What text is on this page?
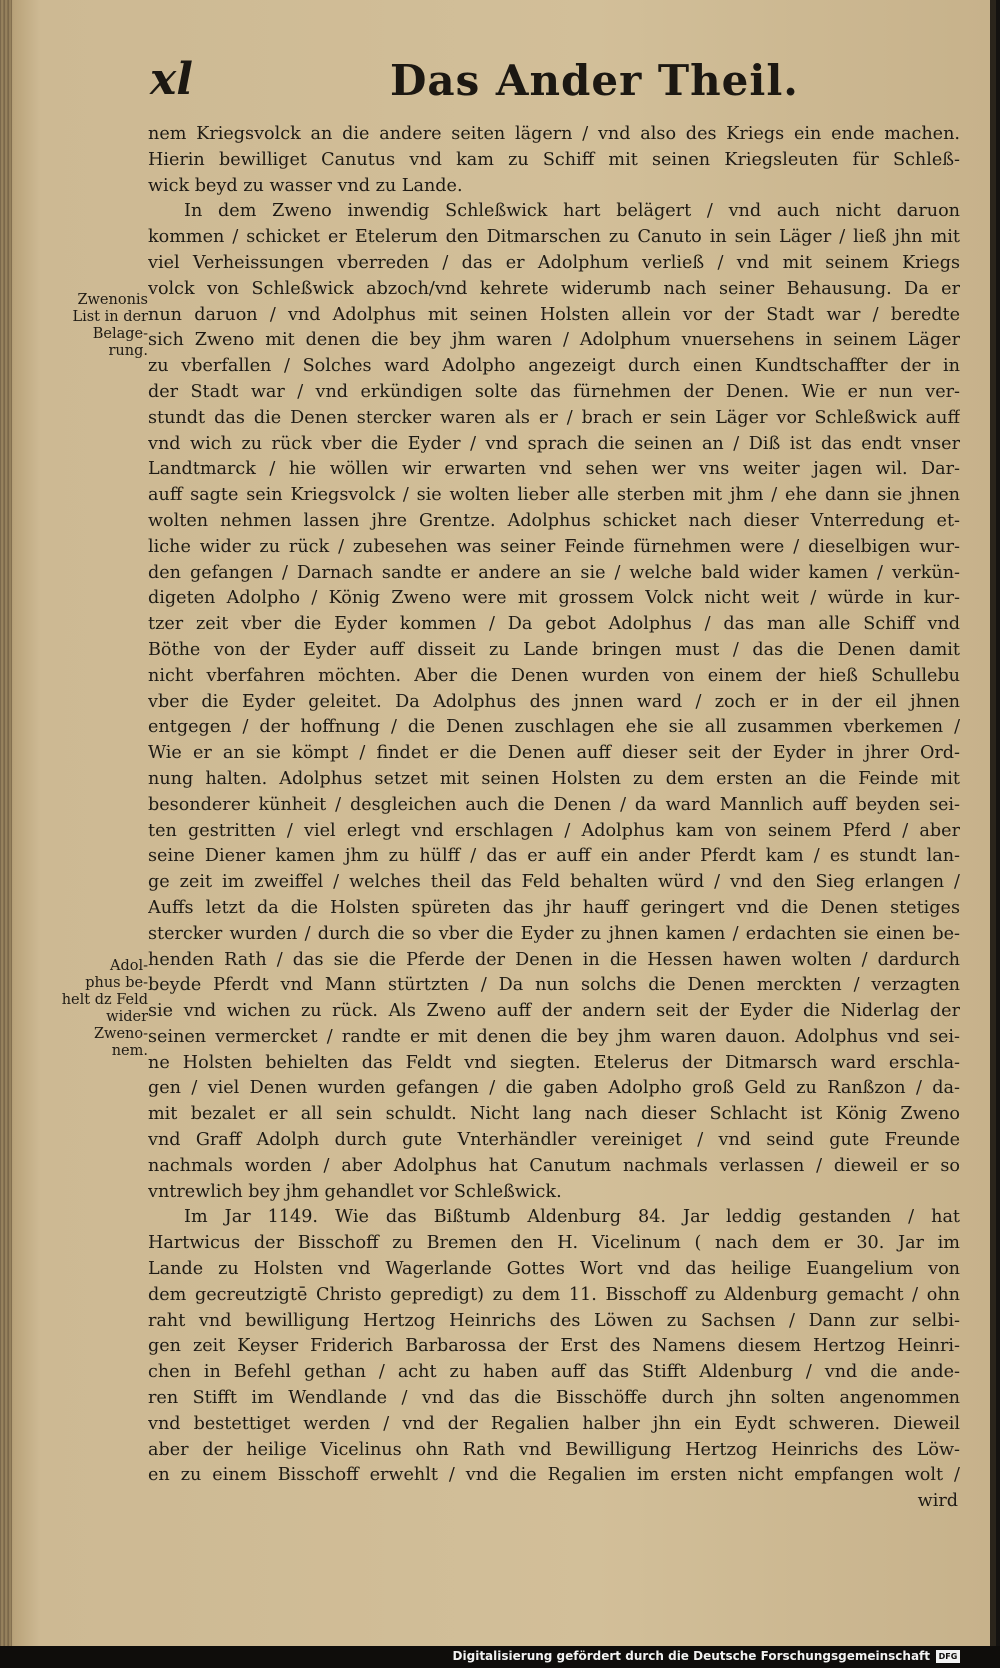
xl	Das Ander Theil.
Zwenonis
List in der
Belage-
rung.
Adol-
phus be-
helt dz Feld
wider
Zweno-
nem.
nem Kriegsvolck an die andere seiten lägern / vnd also des Kriegs ein ende machen.
Hierin bewilliget Canutus vnd kam zu Schiff mit seinen Kriegsleuten für Schleß-
wick beyd zu wasser vnd zu Lande.
In dem Zweno inwendig Schleßwick hart belägert / vnd auch nicht daruon
kommen / schicket er Etelerum den Ditmarschen zu Canuto in sein Läger / ließ jhn mit
viel Verheissungen vberreden / das er Adolphum verließ / vnd mit seinem Kriegs
volck von Schleßwick abzoch/vnd kehrete widerumb nach seiner Behausung. Da er
nun daruon / vnd Adolphus mit seinen Holsten allein vor der Stadt war / beredte
sich Zweno mit denen die bey jhm waren / Adolphum vnuersehens in seinem Läger
zu vberfallen / Solches ward Adolpho angezeigt durch einen Kundtschaffter der in
der Stadt war / vnd erkündigen solte das fürnehmen der Denen. Wie er nun ver-
stundt das die Denen stercker waren als er / brach er sein Läger vor Schleßwick auff
vnd wich zu rück vber die Eyder / vnd sprach die seinen an / Diß ist das endt vnser
Landtmarck / hie wöllen wir erwarten vnd sehen wer vns weiter jagen wil. Dar-
auff sagte sein Kriegsvolck / sie wolten lieber alle sterben mit jhm / ehe dann sie jhnen
wolten nehmen lassen jhre Grentze. Adolphus schicket nach dieser Vnterredung et-
liche wider zu rück / zubesehen was seiner Feinde fürnehmen were / dieselbigen wur-
den gefangen / Darnach sandte er andere an sie / welche bald wider kamen / verkün-
digeten Adolpho / König Zweno were mit grossem Volck nicht weit / würde in kur-
tzer zeit vber die Eyder kommen / Da gebot Adolphus / das man alle Schiff vnd
Böthe von der Eyder auff disseit zu Lande bringen must / das die Denen damit
nicht vberfahren möchten. Aber die Denen wurden von einem der hieß Schullebu
vber die Eyder geleitet. Da Adolphus des jnnen ward / zoch er in der eil jhnen
entgegen / der hoffnung / die Denen zuschlagen ehe sie all zusammen vberkemen /
Wie er an sie kömpt / findet er die Denen auff dieser seit der Eyder in jhrer Ord-
nung halten. Adolphus setzet mit seinen Holsten zu dem ersten an die Feinde mit
besonderer künheit / desgleichen auch die Denen / da ward Mannlich auff beyden sei-
ten gestritten / viel erlegt vnd erschlagen / Adolphus kam von seinem Pferd / aber
seine Diener kamen jhm zu hülff / das er auff ein ander Pferdt kam / es stundt lan-
ge zeit im zweiffel / welches theil das Feld behalten würd / vnd den Sieg erlangen /
Auffs letzt da die Holsten spüreten das jhr hauff geringert vnd die Denen stetiges
stercker wurden / durch die so vber die Eyder zu jhnen kamen / erdachten sie einen be-
henden Rath / das sie die Pferde der Denen in die Hessen hawen wolten / dardurch
beyde Pferdt vnd Mann stürtzten / Da nun solchs die Denen merckten / verzagten
sie vnd wichen zu rück. Als Zweno auff der andern seit der Eyder die Niderlag der
seinen vermercket / randte er mit denen die bey jhm waren dauon. Adolphus vnd sei-
ne Holsten behielten das Feldt vnd siegten. Etelerus der Ditmarsch ward erschla-
gen / viel Denen wurden gefangen / die gaben Adolpho groß Geld zu Ranßzon / da-
mit bezalet er all sein schuldt. Nicht lang nach dieser Schlacht ist König Zweno
vnd Graff Adolph durch gute Vnterhändler vereiniget / vnd seind gute Freunde
nachmals worden / aber Adolphus hat Canutum nachmals verlassen / dieweil er so
vntrewlich bey jhm gehandlet vor Schleßwick.
Im Jar 1149. Wie das Bißtumb Aldenburg 84. Jar leddig gestanden / hat
Hartwicus der Bisschoff zu Bremen den H. Vicelinum ( nach dem er 30. Jar im
Lande zu Holsten vnd Wagerlande Gottes Wort vnd das heilige Euangelium von
dem gecreutzigtē Christo gepredigt) zu dem 11. Bisschoff zu Aldenburg gemacht / ohn
raht vnd bewilligung Hertzog Heinrichs des Löwen zu Sachsen / Dann zur selbi-
gen zeit Keyser Friderich Barbarossa der Erst des Namens diesem Hertzog Heinri-
chen in Befehl gethan / acht zu haben auff das Stifft Aldenburg / vnd die ande-
ren Stifft im Wendlande / vnd das die Bisschöffe durch jhn solten angenommen
vnd bestettiget werden / vnd der Regalien halber jhn ein Eydt schweren. Dieweil
aber der heilige Vicelinus ohn Rath vnd Bewilligung Hertzog Heinrichs des Löw-
en zu einem Bisschoff erwehlt / vnd die Regalien im ersten nicht empfangen wolt /
wird
Digitalisierung gefördert durch die Deutsche Forschungsgemeinschaft	DFG
